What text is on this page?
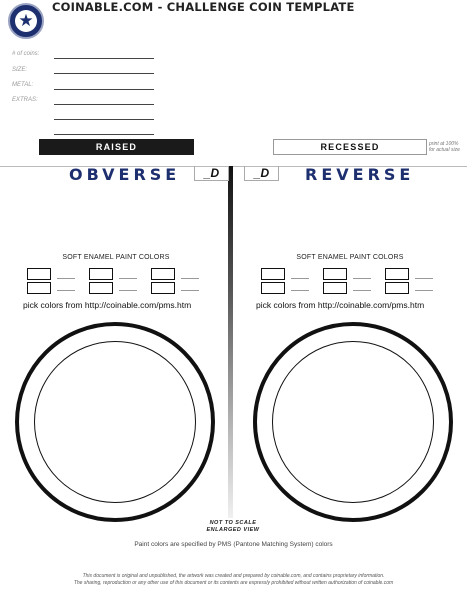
★
COINABLE.COM - CHALLENGE COIN TEMPLATE
# of coins:
SIZE:
METAL:
EXTRAS:
RAISED	RECESSED	print at 100%
for actual size
OBVERSE	_D
SOFT ENAMEL PAINT COLORS
pick colors from http://coinable.com/pms.htm
REVERSE
_D
SOFT ENAMEL PAINT COLORS
pick colors from http://coinable.com/pms.htm
NOT TO SCALE
ENLARGED VIEW
Paint colors are specified by PMS (Pantone Matching System) colors
This document is original and unpublished, the artwork was created and prepared by coinable.com, and contains proprietary information.
The sharing, reproduction or any other use of this document or its contents are expressly prohibited without written authorization of coinable.com
